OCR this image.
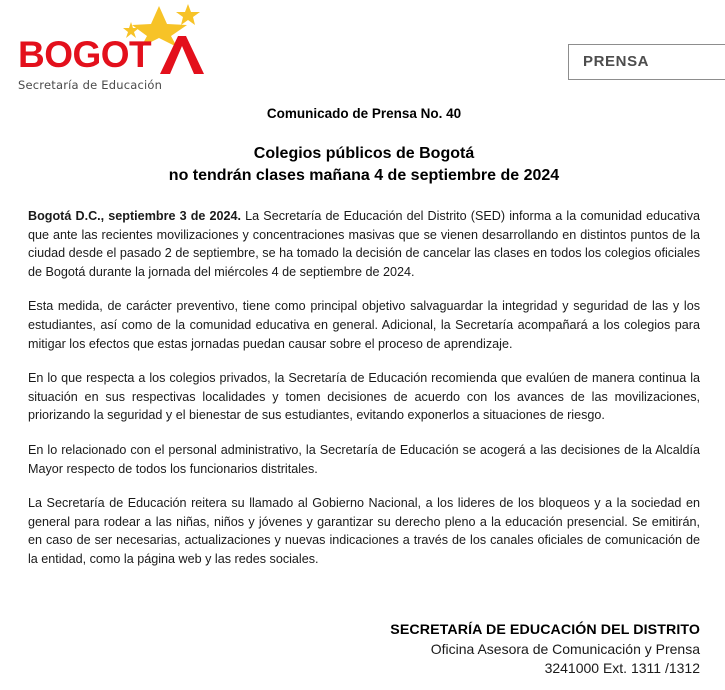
BOGOT
Secretaría de Educación
PRENSA
Comunicado de Prensa No. 40
Colegios públicos de Bogotá
no tendrán clases mañana 4 de septiembre de 2024

Bogotá D.C., septiembre 3 de 2024. La Secretaría de Educación del Distrito (SED) informa a la comunidad educativa que ante las recientes movilizaciones y concentraciones masivas que se vienen desarrollando en distintos puntos de la ciudad desde el pasado 2 de septiembre, se ha tomado la decisión de cancelar las clases en todos los colegios oficiales de Bogotá durante la jornada del miércoles 4 de septiembre de 2024.

Esta medida, de carácter preventivo, tiene como principal objetivo salvaguardar la integridad y seguridad de las y los estudiantes, así como de la comunidad educativa en general. Adicional, la Secretaría acompañará a los colegios para mitigar los efectos que estas jornadas puedan causar sobre el proceso de aprendizaje.

En lo que respecta a los colegios privados, la Secretaría de Educación recomienda que evalúen de manera continua la situación en sus respectivas localidades y tomen decisiones de acuerdo con los avances de las movilizaciones, priorizando la seguridad y el bienestar de sus estudiantes, evitando exponerlos a situaciones de riesgo.

En lo relacionado con el personal administrativo, la Secretaría de Educación se acogerá a las decisiones de la Alcaldía Mayor respecto de todos los funcionarios distritales.

La Secretaría de Educación reitera su llamado al Gobierno Nacional, a los lideres de los bloqueos y a la sociedad en general para rodear a las niñas, niños y jóvenes y garantizar su derecho pleno a la educación presencial. Se emitirán, en caso de ser necesarias, actualizaciones y nuevas indicaciones a través de los canales oficiales de comunicación de la entidad, como la página web y las redes sociales.

SECRETARÍA DE EDUCACIÓN DEL DISTRITO
Oficina Asesora de Comunicación y Prensa
3241000 Ext. 1311 /1312
